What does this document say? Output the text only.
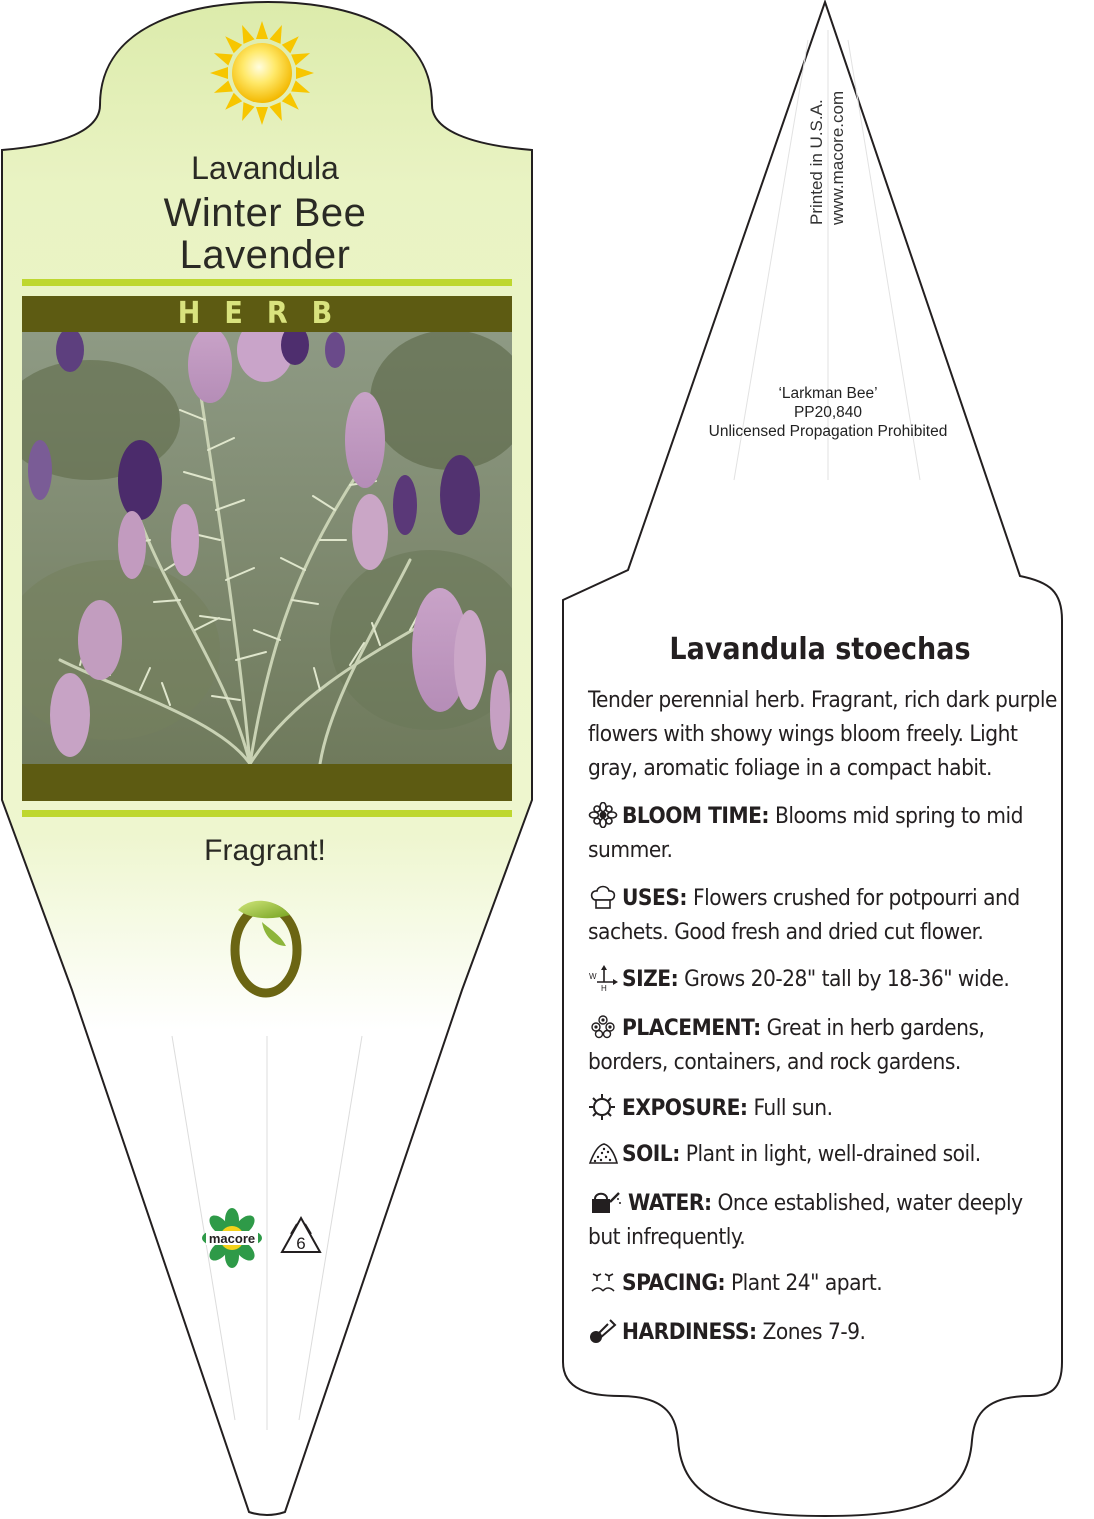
macore 6
Lavandula
Winter Bee
Lavender
HERB
Fragrant!
Printed in U.S.A. www.macore.com
‘Larkman Bee’
PP20,840
Unlicensed Propagation Prohibited
Lavandula stoechas
Tender perennial herb. Fragrant, rich dark purple flowers with showy wings bloom freely. Light gray, aromatic foliage in a compact habit.
BLOOM TIME: Blooms mid spring to mid summer.
USES: Flowers crushed for potpourri and sachets. Good fresh and dried cut flower.
W
H SIZE: Grows 20-28" tall by 18-36" wide.
PLACEMENT: Great in herb gardens, borders, containers, and rock gardens.
EXPOSURE: Full sun.
SOIL: Plant in light, well-drained soil.
WATER: Once established, water deeply but infrequently.
SPACING: Plant 24" apart.
HARDINESS: Zones 7-9.
